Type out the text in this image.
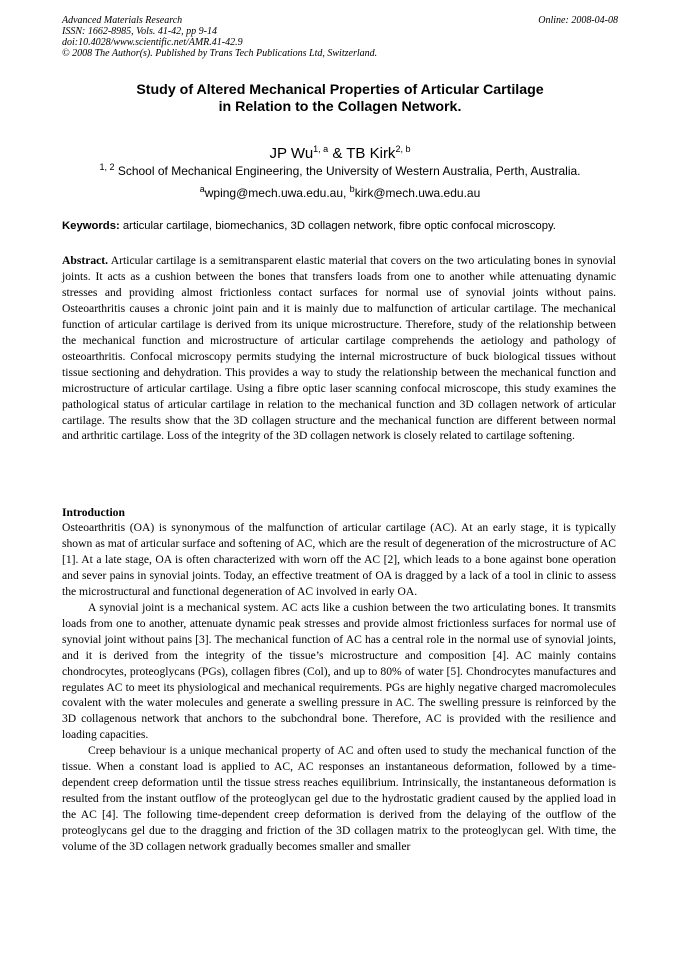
Advanced Materials Research	Online: 2008-04-08
ISSN: 1662-8985, Vols. 41-42, pp 9-14
doi:10.4028/www.scientific.net/AMR.41-42.9
© 2008 The Author(s). Published by Trans Tech Publications Ltd, Switzerland.
Study of Altered Mechanical Properties of Articular Cartilage
in Relation to the Collagen Network.
JP Wu$^{1, a}$ & TB Kirk$^{2, b}$
$^{1, 2}$ School of Mechanical Engineering, the University of Western Australia, Perth, Australia.
$^a$wping@mech.uwa.edu.au, $^b$kirk@mech.uwa.edu.au
Keywords: articular cartilage, biomechanics, 3D collagen network, fibre optic confocal microscopy.

Abstract. Articular cartilage is a semitransparent elastic material that covers on the two articulating bones in synovial joints. It acts as a cushion between the bones that transfers loads from one to another while attenuating dynamic stresses and providing almost frictionless contact surfaces for normal use of synovial joints without pains. Osteoarthritis causes a chronic joint pain and it is mainly due to malfunction of articular cartilage. The mechanical function of articular cartilage is derived from its unique microstructure. Therefore, study of the relationship between the mechanical function and microstructure of articular cartilage comprehends the aetiology and pathology of osteoarthritis. Confocal microscopy permits studying the internal microstructure of buck biological tissues without tissue sectioning and dehydration. This provides a way to study the relationship between the mechanical function and microstructure of articular cartilage. Using a fibre optic laser scanning confocal microscope, this study examines the pathological status of articular cartilage in relation to the mechanical function and 3D collagen network of articular cartilage. The results show that the 3D collagen structure and the mechanical function are different between normal and arthritic cartilage. Loss of the integrity of the 3D collagen network is closely related to cartilage softening.

Introduction

Osteoarthritis (OA) is synonymous of the malfunction of articular cartilage (AC). At an early stage, it is typically shown as mat of articular surface and softening of AC, which are the result of degeneration of the microstructure of AC [1]. At a late stage, OA is often characterized with worn off the AC [2], which leads to a bone against bone operation and sever pains in synovial joints. Today, an effective treatment of OA is dragged by a lack of a tool in clinic to assess the microstructural and functional degeneration of AC involved in early OA.

A synovial joint is a mechanical system. AC acts like a cushion between the two articulating bones. It transmits loads from one to another, attenuate dynamic peak stresses and provide almost frictionless surfaces for normal use of synovial joint without pains [3]. The mechanical function of AC has a central role in the normal use of synovial joints, and it is derived from the integrity of the tissue’s microstructure and composition [4]. AC mainly contains chondrocytes, proteoglycans (PGs), collagen fibres (Col), and up to 80% of water [5]. Chondrocytes manufactures and regulates AC to meet its physiological and mechanical requirements. PGs are highly negative charged macromolecules covalent with the water molecules and generate a swelling pressure in AC. The swelling pressure is reinforced by the 3D collagenous network that anchors to the subchondral bone. Therefore, AC is provided with the resilience and loading capacities.

Creep behaviour is a unique mechanical property of AC and often used to study the mechanical function of the tissue. When a constant load is applied to AC, AC responses an instantaneous deformation, followed by a time-dependent creep deformation until the tissue stress reaches equilibrium. Intrinsically, the instantaneous deformation is resulted from the instant outflow of the proteoglycan gel due to the hydrostatic gradient caused by the applied load in the AC [4]. The following time-dependent creep deformation is derived from the delaying of the outflow of the proteoglycans gel due to the dragging and friction of the 3D collagen matrix to the proteoglycan gel. With time, the volume of the 3D collagen network gradually becomes smaller and smaller
